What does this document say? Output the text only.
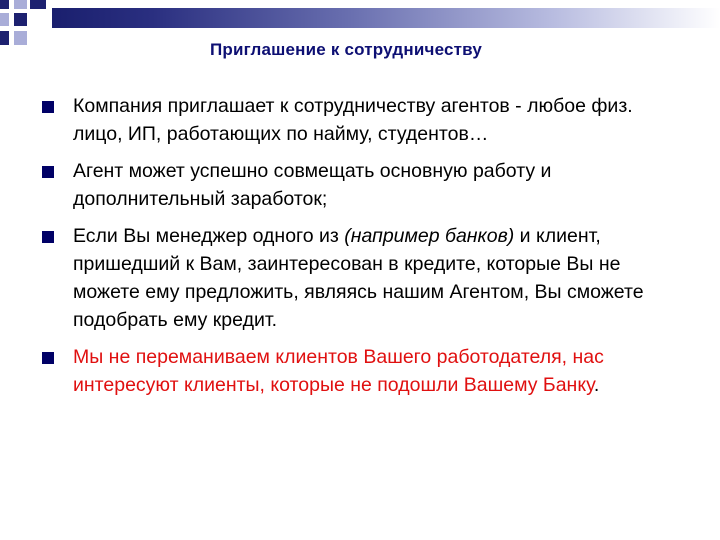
Приглашение к сотрудничеству
Компания приглашает к сотрудничеству агентов - любое физ. лицо, ИП, работающих по найму, студентов…
Агент может успешно совмещать основную работу и дополнительный заработок;
Если Вы менеджер одного из (например банков) и клиент, пришедший к Вам, заинтересован в кредите, которые Вы не можете ему предложить, являясь нашим Агентом, Вы сможете подобрать ему кредит.
Мы не переманиваем клиентов Вашего работодателя, нас интересуют клиенты, которые не подошли Вашему Банку.
